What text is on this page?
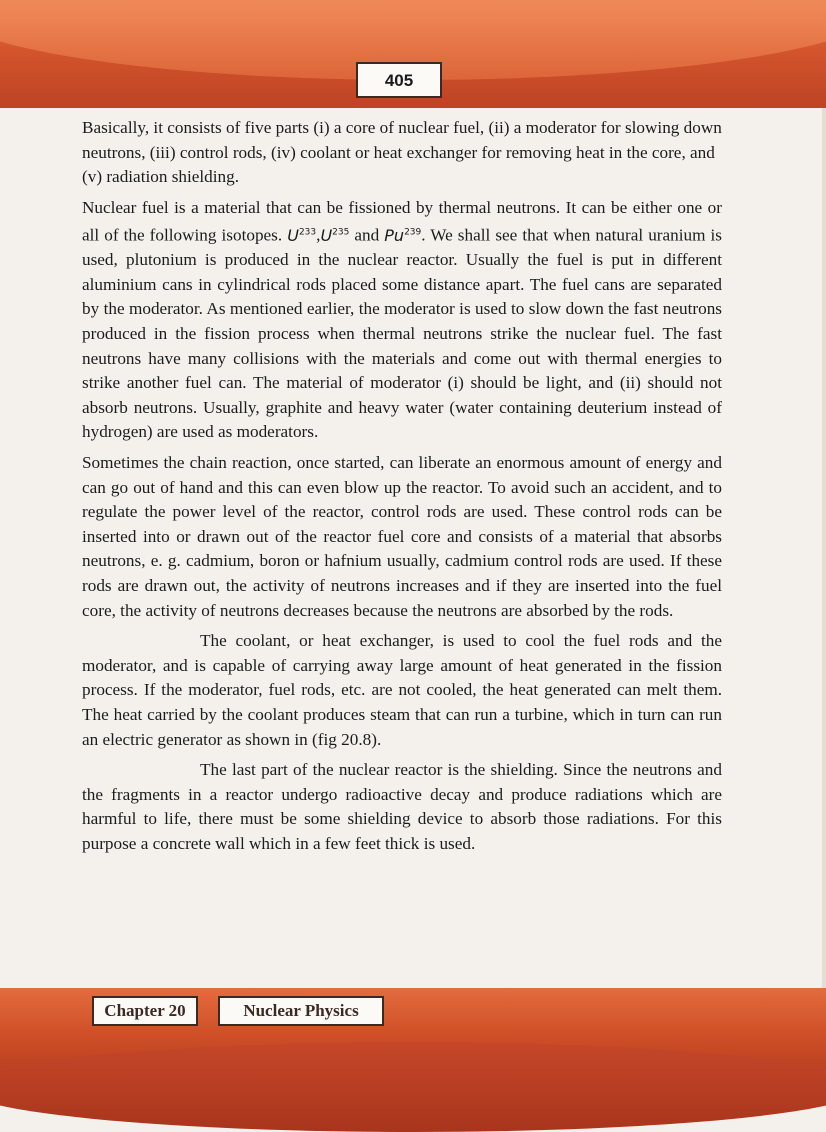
405

Basically, it consists of five parts (i) a core of nuclear fuel, (ii) a moderator for slowing down neutrons, (iii) control rods, (iv) coolant or heat exchanger for removing heat in the core, and (v) radiation shielding.

Nuclear fuel is a material that can be fissioned by thermal neutrons. It can be either one or all of the following isotopes. $U^{233},U^{235}$ and Pu$^{239}$. We shall see that when natural uranium is used, plutonium is produced in the nuclear reactor. Usually the fuel is put in different aluminium cans in cylindrical rods placed some distance apart. The fuel cans are separated by the moderator. As mentioned earlier, the moderator is used to slow down the fast neutrons produced in the fission process when thermal neutrons strike the nuclear fuel. The fast neutrons have many collisions with the materials and come out with thermal energies to strike another fuel can. The material of moderator (i) should be light, and (ii) should not absorb neutrons. Usually, graphite and heavy water (water containing deuterium instead of hydrogen) are used as moderators.

Sometimes the chain reaction, once started, can liberate an enormous amount of energy and can go out of hand and this can even blow up the reactor. To avoid such an accident, and to regulate the power level of the reactor, control rods are used. These control rods can be inserted into or drawn out of the reactor fuel core and consists of a material that absorbs neutrons, e. g. cadmium, boron or hafnium usually, cadmium control rods are used. If these rods are drawn out, the activity of neutrons increases and if they are inserted into the fuel core, the activity of neutrons decreases because the neutrons are absorbed by the rods.

The coolant, or heat exchanger, is used to cool the fuel rods and the moderator, and is capable of carrying away large amount of heat generated in the fission process. If the moderator, fuel rods, etc. are not cooled, the heat generated can melt them. The heat carried by the coolant produces steam that can run a turbine, which in turn can run an electric generator as shown in (fig 20.8).

The last part of the nuclear reactor is the shielding. Since the neutrons and the fragments in a reactor undergo radioactive decay and produce radiations which are harmful to life, there must be some shielding device to absorb those radiations. For this purpose a concrete wall which in a few feet thick is used.

Chapter 20	Nuclear Physics
